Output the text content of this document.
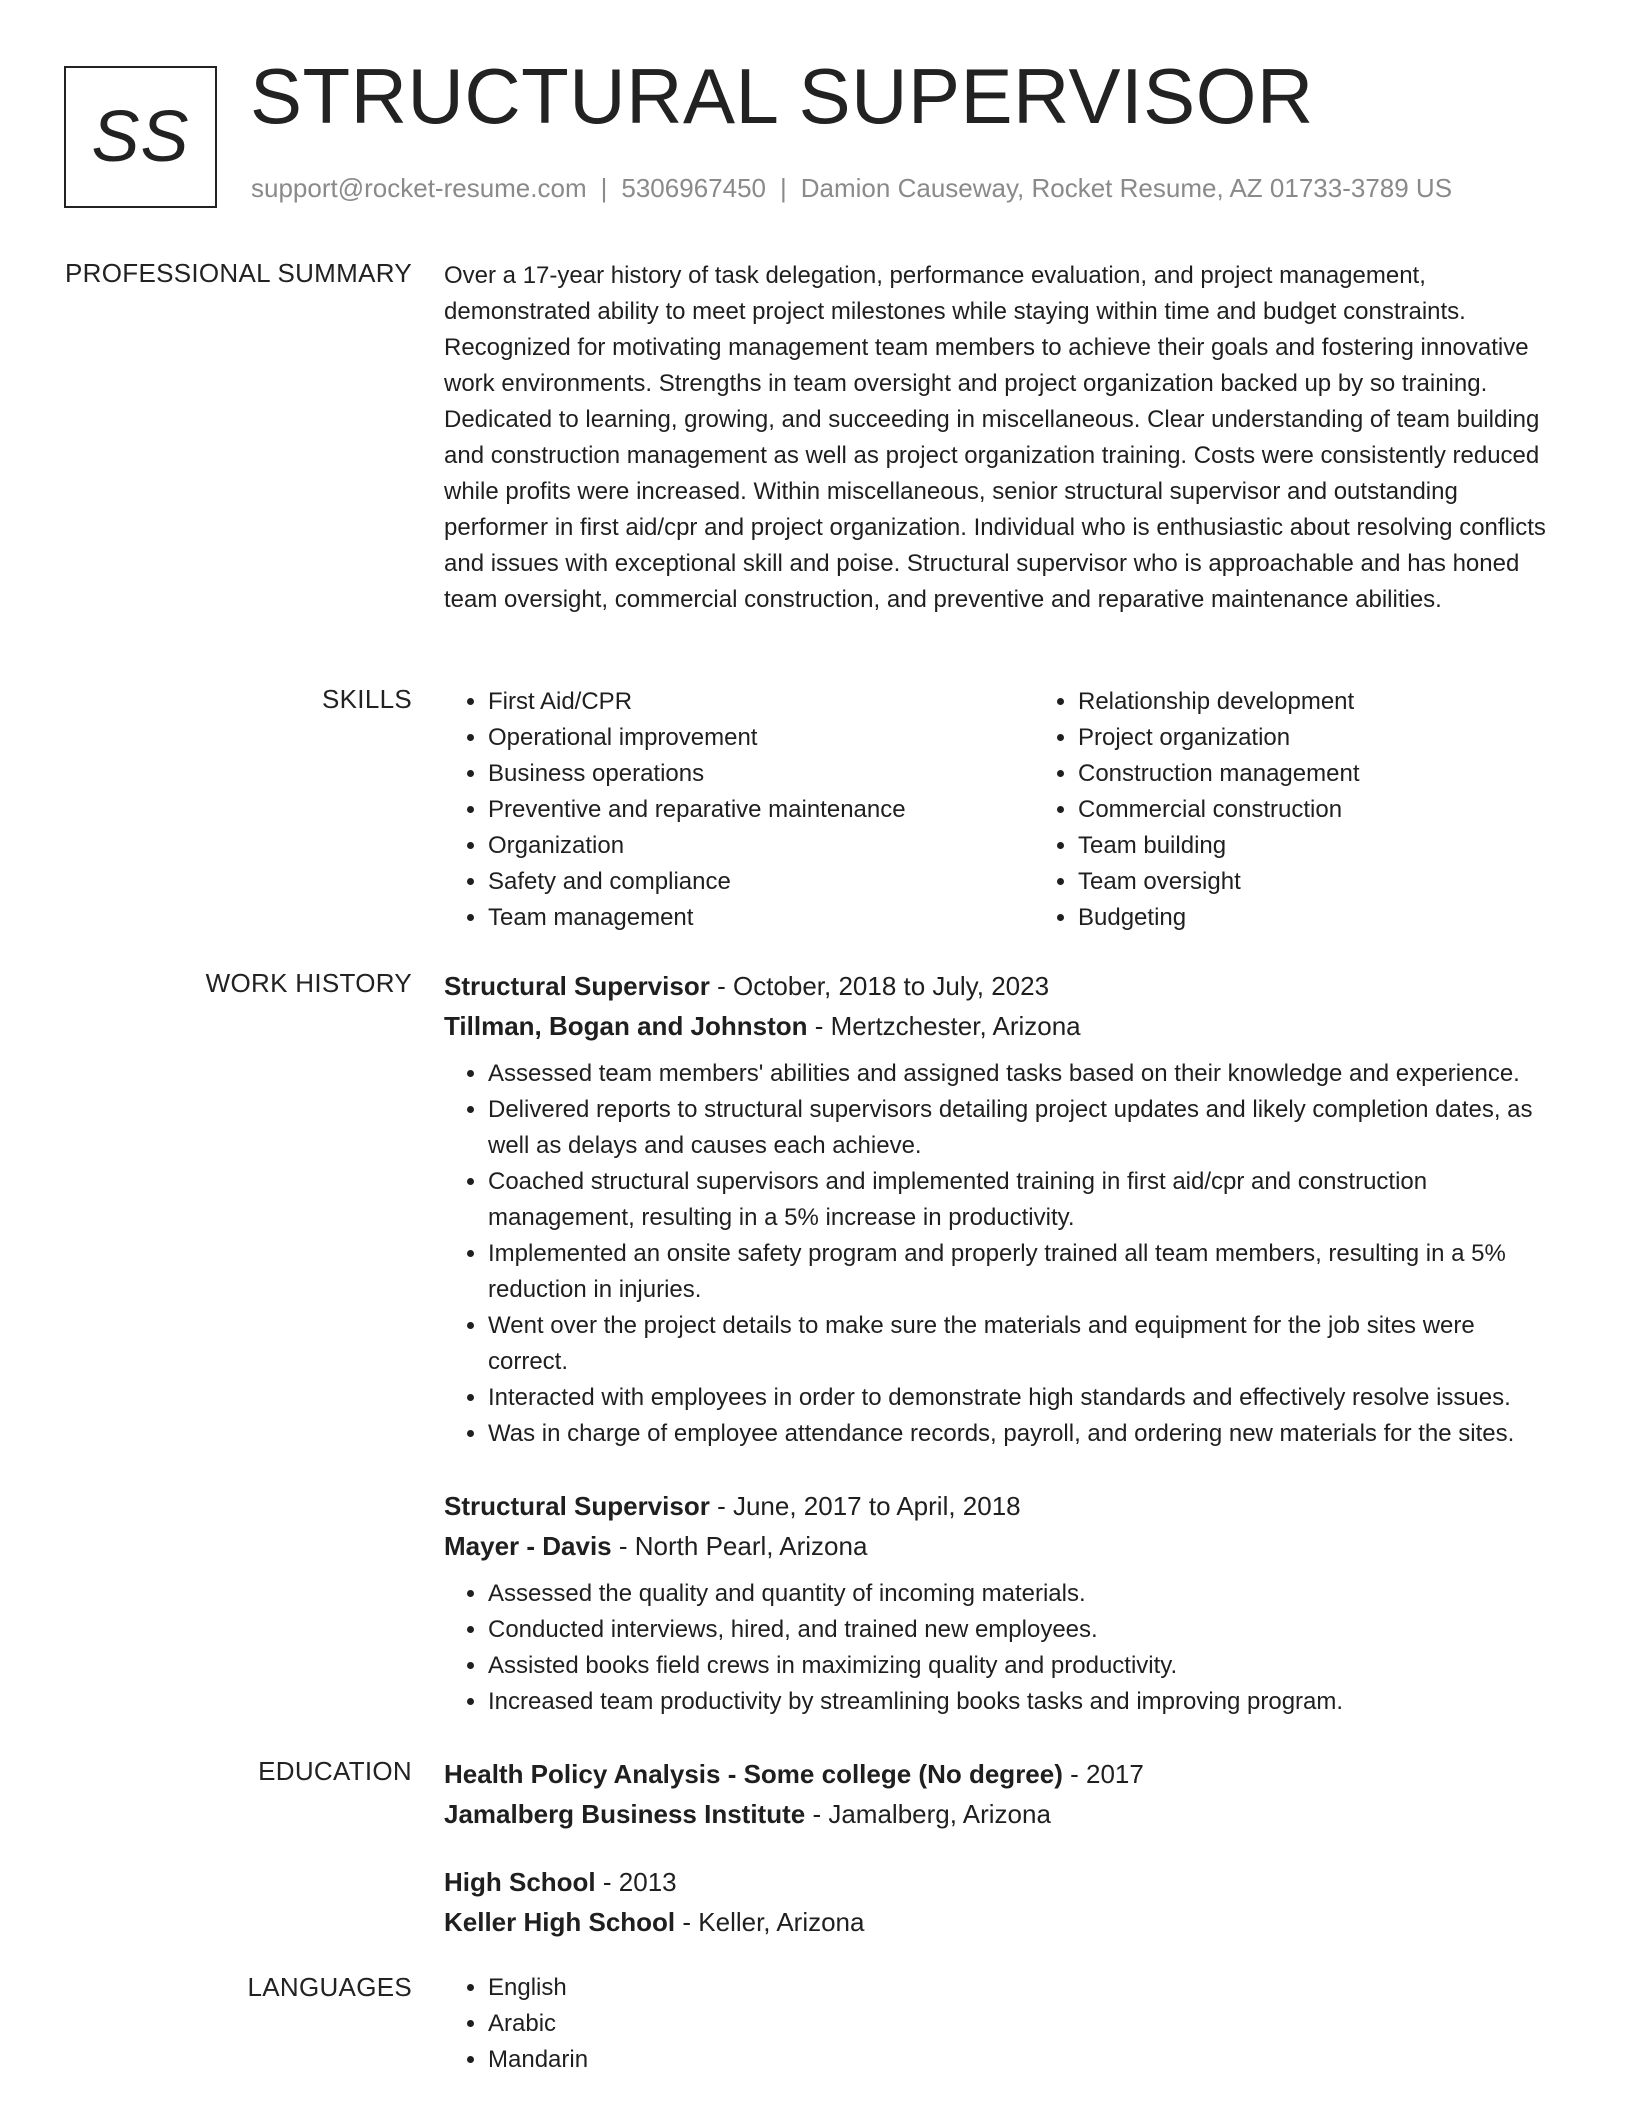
SS STRUCTURAL SUPERVISOR
support@rocket-resume.com | 5306967450 | Damion Causeway, Rocket Resume, AZ 01733-3789 US
PROFESSIONAL SUMMARY Over a 17-year history of task delegation, performance evaluation, and project management, demonstrated ability to meet project milestones while staying within time and budget constraints. Recognized for motivating management team members to achieve their goals and fostering innovative work environments. Strengths in team oversight and project organization backed up by so training. Dedicated to learning, growing, and succeeding in miscellaneous. Clear understanding of team building and construction management as well as project organization training. Costs were consistently reduced while profits were increased. Within miscellaneous, senior structural supervisor and outstanding performer in first aid/cpr and project organization. Individual who is enthusiastic about resolving conflicts and issues with exceptional skill and poise. Structural supervisor who is approachable and has honed team oversight, commercial construction, and preventive and reparative maintenance abilities.

SKILLS	• First Aid/CPR
• Operational improvement
• Business operations
• Preventive and reparative maintenance
• Organization
• Safety and compliance
• Team management
• Relationship development
• Project organization
• Construction management
• Commercial construction
• Team building
• Team oversight
• Budgeting
WORK HISTORY Structural Supervisor - October, 2018 to July, 2023
Tillman, Bogan and Johnston - Mertzchester, Arizona
• Assessed team members' abilities and assigned tasks based on their knowledge and experience.
• Delivered reports to structural supervisors detailing project updates and likely completion dates, as well as delays and causes each achieve.
• Coached structural supervisors and implemented training in first aid/cpr and construction management, resulting in a 5% increase in productivity.
• Implemented an onsite safety program and properly trained all team members, resulting in a 5% reduction in injuries.
• Went over the project details to make sure the materials and equipment for the job sites were correct.
• Interacted with employees in order to demonstrate high standards and effectively resolve issues.
• Was in charge of employee attendance records, payroll, and ordering new materials for the sites.
Structural Supervisor - June, 2017 to April, 2018
Mayer - Davis - North Pearl, Arizona
• Assessed the quality and quantity of incoming materials.
• Conducted interviews, hired, and trained new employees.
• Assisted books field crews in maximizing quality and productivity.
• Increased team productivity by streamlining books tasks and improving program.
EDUCATION Health Policy Analysis - Some college (No degree) - 2017
Jamalberg Business Institute - Jamalberg, Arizona
High School - 2013
Keller High School - Keller, Arizona
LANGUAGES	• English
• Arabic
• Mandarin
